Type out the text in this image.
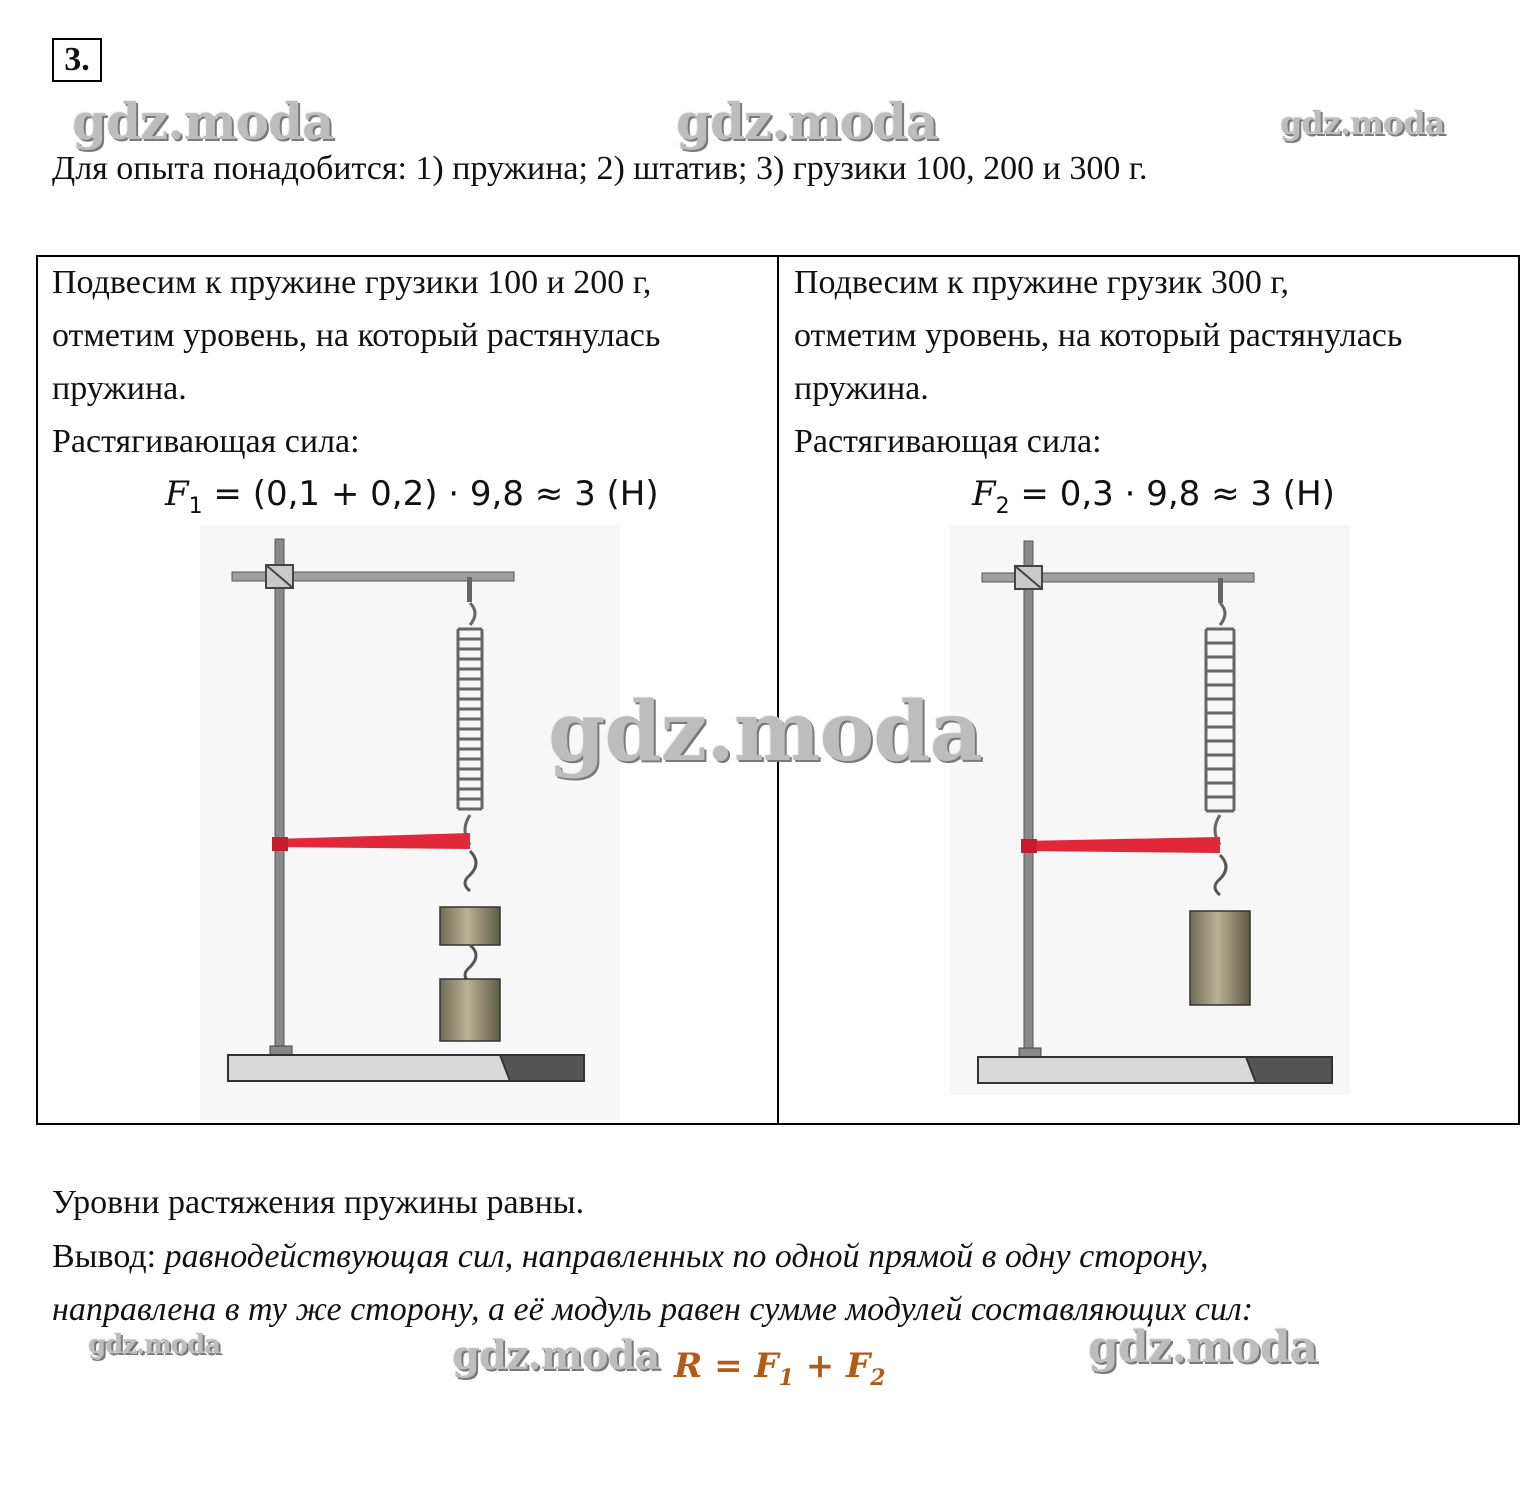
3.
gdz.moda	gdz.moda	gdz.moda
Для опыта понадобится: 1) пружина; 2) штатив; 3) грузики 100, 200 и 300 г.
Подвесим к пружине грузики 100 и 200 г,
отметим уровень, на который растянулась
пружина.
Растягивающая сила:
$F_1 = (0,1 + 0,2) \cdot 9,8 \approx 3$ (Н)
Подвесим к пружине грузик 300 г,
отметим уровень, на который растянулась
пружина.
Растягивающая сила:
$F_2 = 0,3 \cdot 9,8 \approx 3$ (Н)
gdz.moda
Уровни растяжения пружины равны.
Вывод: равнодействующая сил, направленных по одной прямой в одну сторону,
направлена в ту же сторону, а её модуль равен сумме модулей составляющих сил:
gdz.moda	gdz.moda	gdz.moda
$R = F_1 + F_2$
